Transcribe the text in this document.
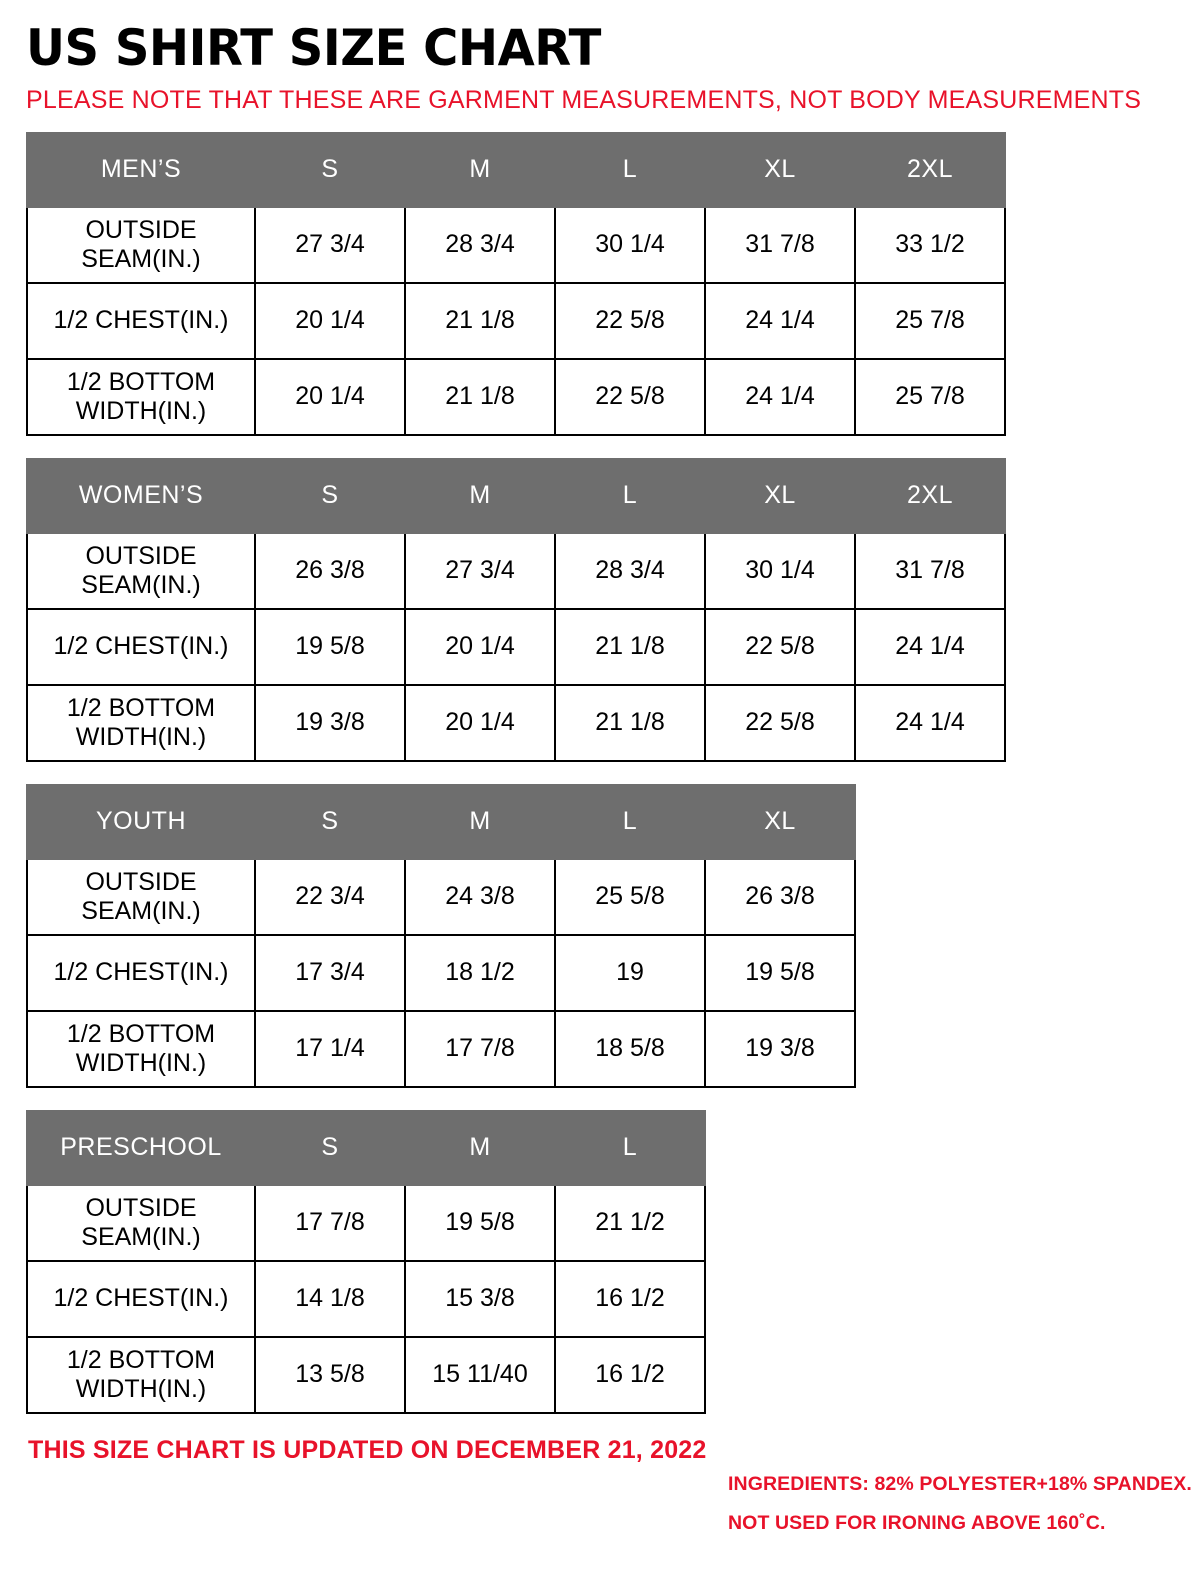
US SHIRT SIZE CHART

PLEASE NOTE THAT THESE ARE GARMENT MEASUREMENTS, NOT BODY MEASUREMENTS

MEN’S	S	M	L	XL	2XL
OUTSIDE SEAM(IN.)	27 3/4	28 3/4	30 1/4	31 7/8	33 1/2
1/2 CHEST(IN.)	20 1/4	21 1/8	22 5/8	24 1/4	25 7/8
1/2 BOTTOM WIDTH(IN.)	20 1/4	21 1/8	22 5/8	24 1/4	25 7/8
WOMEN’S	S	M	L	XL	2XL
OUTSIDE SEAM(IN.)	26 3/8	27 3/4	28 3/4	30 1/4	31 7/8
1/2 CHEST(IN.)	19 5/8	20 1/4	21 1/8	22 5/8	24 1/4
1/2 BOTTOM WIDTH(IN.)	19 3/8	20 1/4	21 1/8	22 5/8	24 1/4
YOUTH	S	M	L	XL
OUTSIDE SEAM(IN.)	22 3/4	24 3/8	25 5/8	26 3/8
1/2 CHEST(IN.)	17 3/4	18 1/2	19	19 5/8
1/2 BOTTOM WIDTH(IN.)	17 1/4	17 7/8	18 5/8	19 3/8
PRESCHOOL	S	M	L
OUTSIDE SEAM(IN.)	17 7/8	19 5/8	21 1/2
1/2 CHEST(IN.)	14 1/8	15 3/8	16 1/2
1/2 BOTTOM WIDTH(IN.)	13 5/8	15 11/40	16 1/2
INGREDIENTS: 82% POLYESTER+18% SPANDEX.
NOT USED FOR IRONING ABOVE 160˚C.
THIS SIZE CHART IS UPDATED ON DECEMBER 21, 2022
